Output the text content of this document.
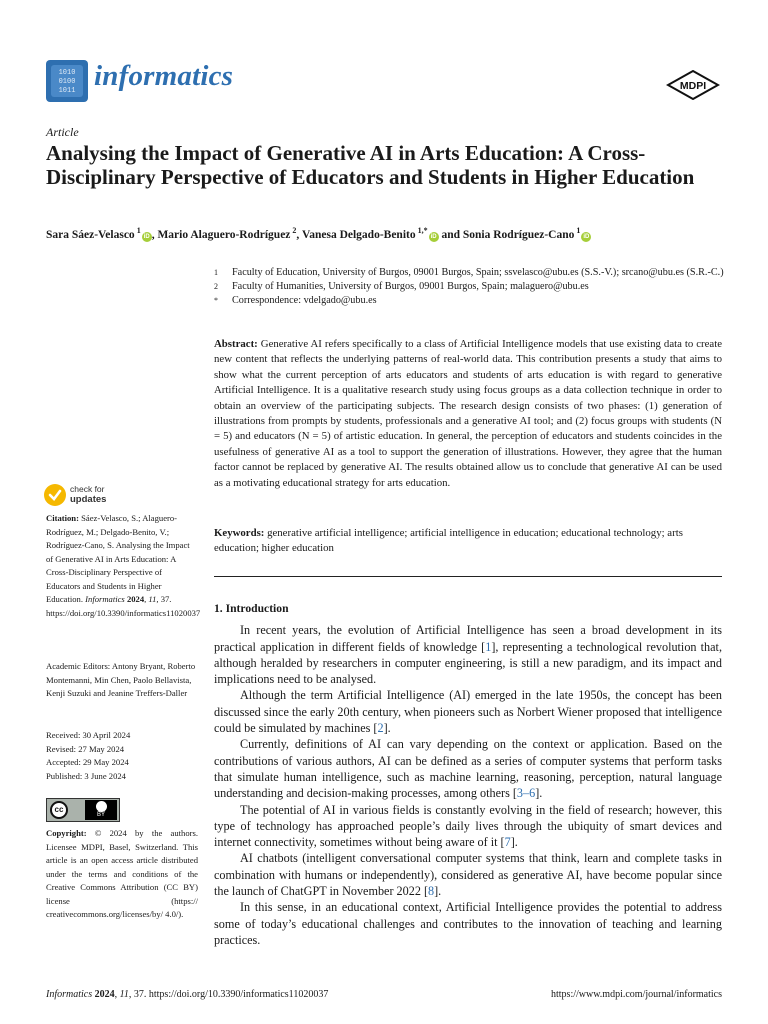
1010
0100
1011 informatics	MDPI
Article
Analysing the Impact of Generative AI in Arts Education: A Cross-Disciplinary Perspective of Educators and Students in Higher Education
Sara Sáez-Velasco $^1$iD , Mario Alaguero-Rodríguez $^2$, Vanesa Delgado-Benito $^{1,*}$iD and Sonia Rodríguez-Cano $^1$iD
1	Faculty of Education, University of Burgos, 09001 Burgos, Spain; ssvelasco@ubu.es (S.S.-V.); srcano@ubu.es (S.R.-C.)
2	Faculty of Humanities, University of Burgos, 09001 Burgos, Spain; malaguero@ubu.es
*	Correspondence: vdelgado@ubu.es

Abstract: Generative AI refers specifically to a class of Artificial Intelligence models that use existing data to create new content that reflects the underlying patterns of real-world data. This contribution presents a study that aims to show what the current perception of arts educators and students of arts education is with regard to generative Artificial Intelligence. It is a qualitative research study using focus groups as a data collection technique in order to obtain an overview of the participating subjects. The research design consists of two phases: (1) generation of illustrations from prompts by students, professionals and a generative AI tool; and (2) focus groups with students (N = 5) and educators (N = 5) of artistic education. In general, the perception of educators and students coincides in the usefulness of generative AI as a tool to support the generation of illustrations. However, they agree that the human factor cannot be replaced by generative AI. The results obtained allow us to conclude that generative AI can be used as a motivating educational strategy for arts education.

Keywords: generative artificial intelligence; artificial intelligence in education; educational technology; arts education; higher education

check for
updates
Citation: Sáez-Velasco, S.; Alaguero-Rodríguez, M.; Delgado-Benito, V.; Rodríguez-Cano, S. Analysing the Impact of Generative AI in Arts Education: A Cross-Disciplinary Perspective of Educators and Students in Higher Education. Informatics 2024, 11, 37. https://doi.org/10.3390/informatics11020037
Academic Editors: Antony Bryant, Roberto Montemanni, Min Chen, Paolo Bellavista, Kenji Suzuki and Jeanine Treffers-Daller
Received: 30 April 2024
Revised: 27 May 2024
Accepted: 29 May 2024
Published: 3 June 2024
cc
BY
Copyright: © 2024 by the authors. Licensee MDPI, Basel, Switzerland. This article is an open access article distributed under the terms and conditions of the Creative Commons Attribution (CC BY) license (https:// creativecommons.org/licenses/by/ 4.0/).
1. Introduction

In recent years, the evolution of Artificial Intelligence has seen a broad development in its practical application in different fields of knowledge [1], representing a technological revolution that, although heralded by researchers in computer engineering, is still a new paradigm, and its impact and implications need to be analysed.

Although the term Artificial Intelligence (AI) emerged in the late 1950s, the concept has been discussed since the early 20th century, when pioneers such as Norbert Wiener proposed that intelligence could be simulated by machines [2].

Currently, definitions of AI can vary depending on the context or application. Based on the contributions of various authors, AI can be defined as a series of computer systems that perform tasks that simulate human intelligence, such as machine learning, reasoning, perception, natural language understanding and decision-making processes, among others [3–6].

The potential of AI in various fields is constantly evolving in the field of research; however, this type of technology has approached people’s daily lives through the ubiquity of smart devices and internet connectivity, sometimes without being aware of it [7].

AI chatbots (intelligent conversational computer systems that think, learn and complete tasks in combination with humans or independently), considered as generative AI, have become popular since the launch of ChatGPT in November 2022 [8].

In this sense, in an educational context, Artificial Intelligence provides the potential to address some of today’s educational challenges and contributes to the innovation of teaching and learning practices.

Informatics 2024, 11, 37. https://doi.org/10.3390/informatics11020037	https://www.mdpi.com/journal/informatics
